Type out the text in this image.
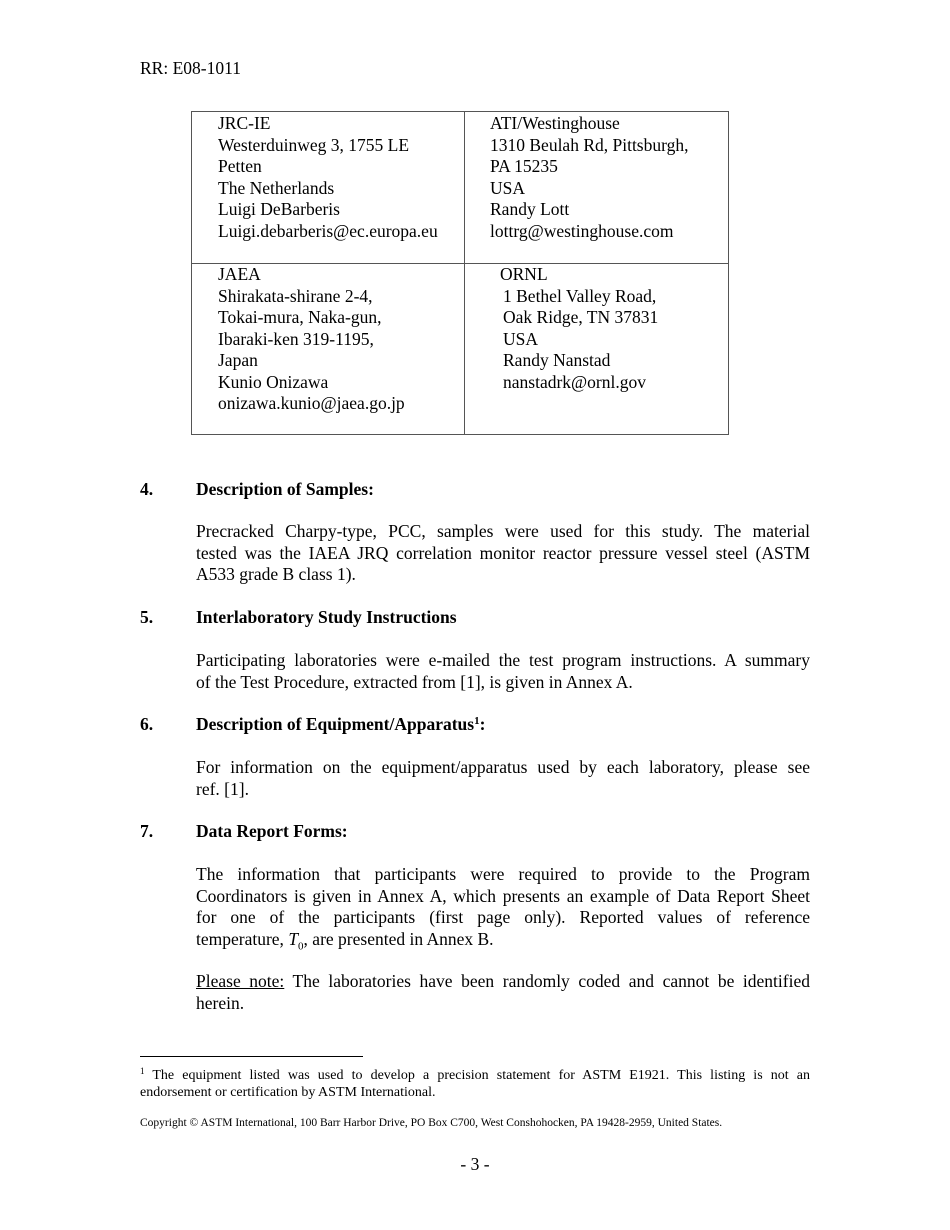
RR: E08-1011
JRC-IE
Westerduinweg 3, 1755 LE
Petten
The Netherlands
Luigi DeBarberis
Luigi.debarberis@ec.europa.eu
ATI/Westinghouse
1310 Beulah Rd, Pittsburgh,
PA 15235
USA
Randy Lott
lottrg@westinghouse.com
JAEA
Shirakata-shirane 2-4,
Tokai-mura, Naka-gun,
Ibaraki-ken 319-1195,
Japan
Kunio Onizawa
onizawa.kunio@jaea.go.jp
ORNL
1 Bethel Valley Road,
Oak Ridge, TN 37831
USA
Randy Nanstad
nanstadrk@ornl.gov
4. Description of Samples:
Precracked Charpy-type, PCC, samples were used for this study. The material
tested was the IAEA JRQ correlation monitor reactor pressure vessel steel (ASTM
A533 grade B class 1).
5. Interlaboratory Study Instructions
Participating laboratories were e-mailed the test program instructions. A summary
of the Test Procedure, extracted from [1], is given in Annex A.
6. Description of Equipment/Apparatus$^1$:
For information on the equipment/apparatus used by each laboratory, please see
ref. [1].
7. Data Report Forms:
The information that participants were required to provide to the Program
Coordinators is given in Annex A, which presents an example of Data Report Sheet
for one of the participants (first page only). Reported values of reference
temperature, $T_0$, are presented in Annex B.
Please note: The laboratories have been randomly coded and cannot be identified
herein.
$^1$ The equipment listed was used to develop a precision statement for ASTM E1921. This listing is not an
endorsement or certification by ASTM International.
Copyright © ASTM International, 100 Barr Harbor Drive, PO Box C700, West Conshohocken, PA 19428-2959, United States.
- 3 -
